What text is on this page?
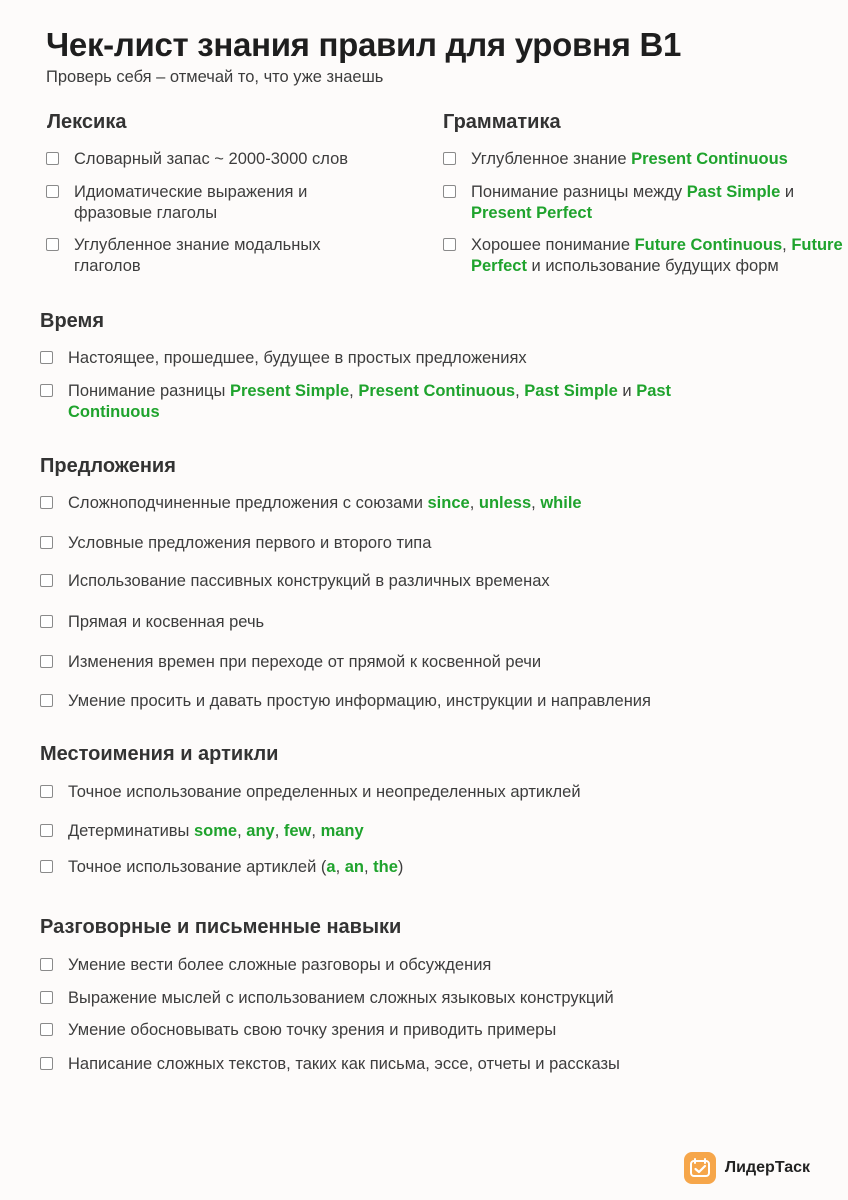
Чек-лист знания правил для уровня B1
Проверь себя – отмечай то, что уже знаешь
Лексика
Словарный запас ~ 2000-3000 слов
Идиоматические выражения и фразовые глаголы
Углубленное знание модальных глаголов
Грамматика
Углубленное знание Present Continuous
Понимание разницы между Past Simple и Present Perfect
Хорошее понимание Future Continuous, Future Perfect и использование будущих форм
Время
Настоящее, прошедшее, будущее в простых предложениях
Понимание разницы Present Simple, Present Continuous, Past Simple и Past Continuous
Предложения
Сложноподчиненные предложения с союзами since, unless, while
Условные предложения первого и второго типа
Использование пассивных конструкций в различных временах
Прямая и косвенная речь
Изменения времен при переходе от прямой к косвенной речи
Умение просить и давать простую информацию, инструкции и направления
Местоимения и артикли
Точное использование определенных и неопределенных артиклей
Детерминативы some, any, few, many
Точное использование артиклей (a, an, the)
Разговорные и письменные навыки
Умение вести более сложные разговоры и обсуждения
Выражение мыслей с использованием сложных языковых конструкций
Умение обосновывать свою точку зрения и приводить примеры
Написание сложных текстов, таких как письма, эссе, отчеты и рассказы
ЛидерТаск
